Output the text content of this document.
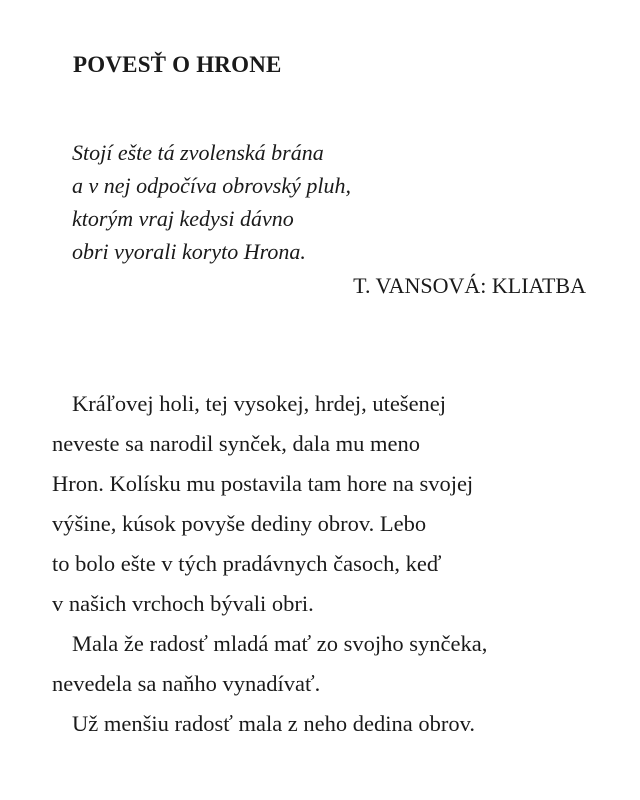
POVESŤ O HRONE
Stojí ešte tá zvolenská brána
a v nej odpočíva obrovský pluh,
ktorým vraj kedysi dávno
obri vyorali koryto Hrona.
T. VANSOVÁ: KLIATBA
Kráľovej holi, tej vysokej, hrdej, utešenej
neveste sa narodil synček, dala mu meno
Hron. Kolísku mu postavila tam hore na svojej
výšine, kúsok povyše dediny obrov. Lebo
to bolo ešte v tých pradávnych časoch, keď
v našich vrchoch bývali obri.
Mala že radosť mladá mať zo svojho synčeka,
nevedela sa naňho vynadívať.
Už menšiu radosť mala z neho dedina obrov.
